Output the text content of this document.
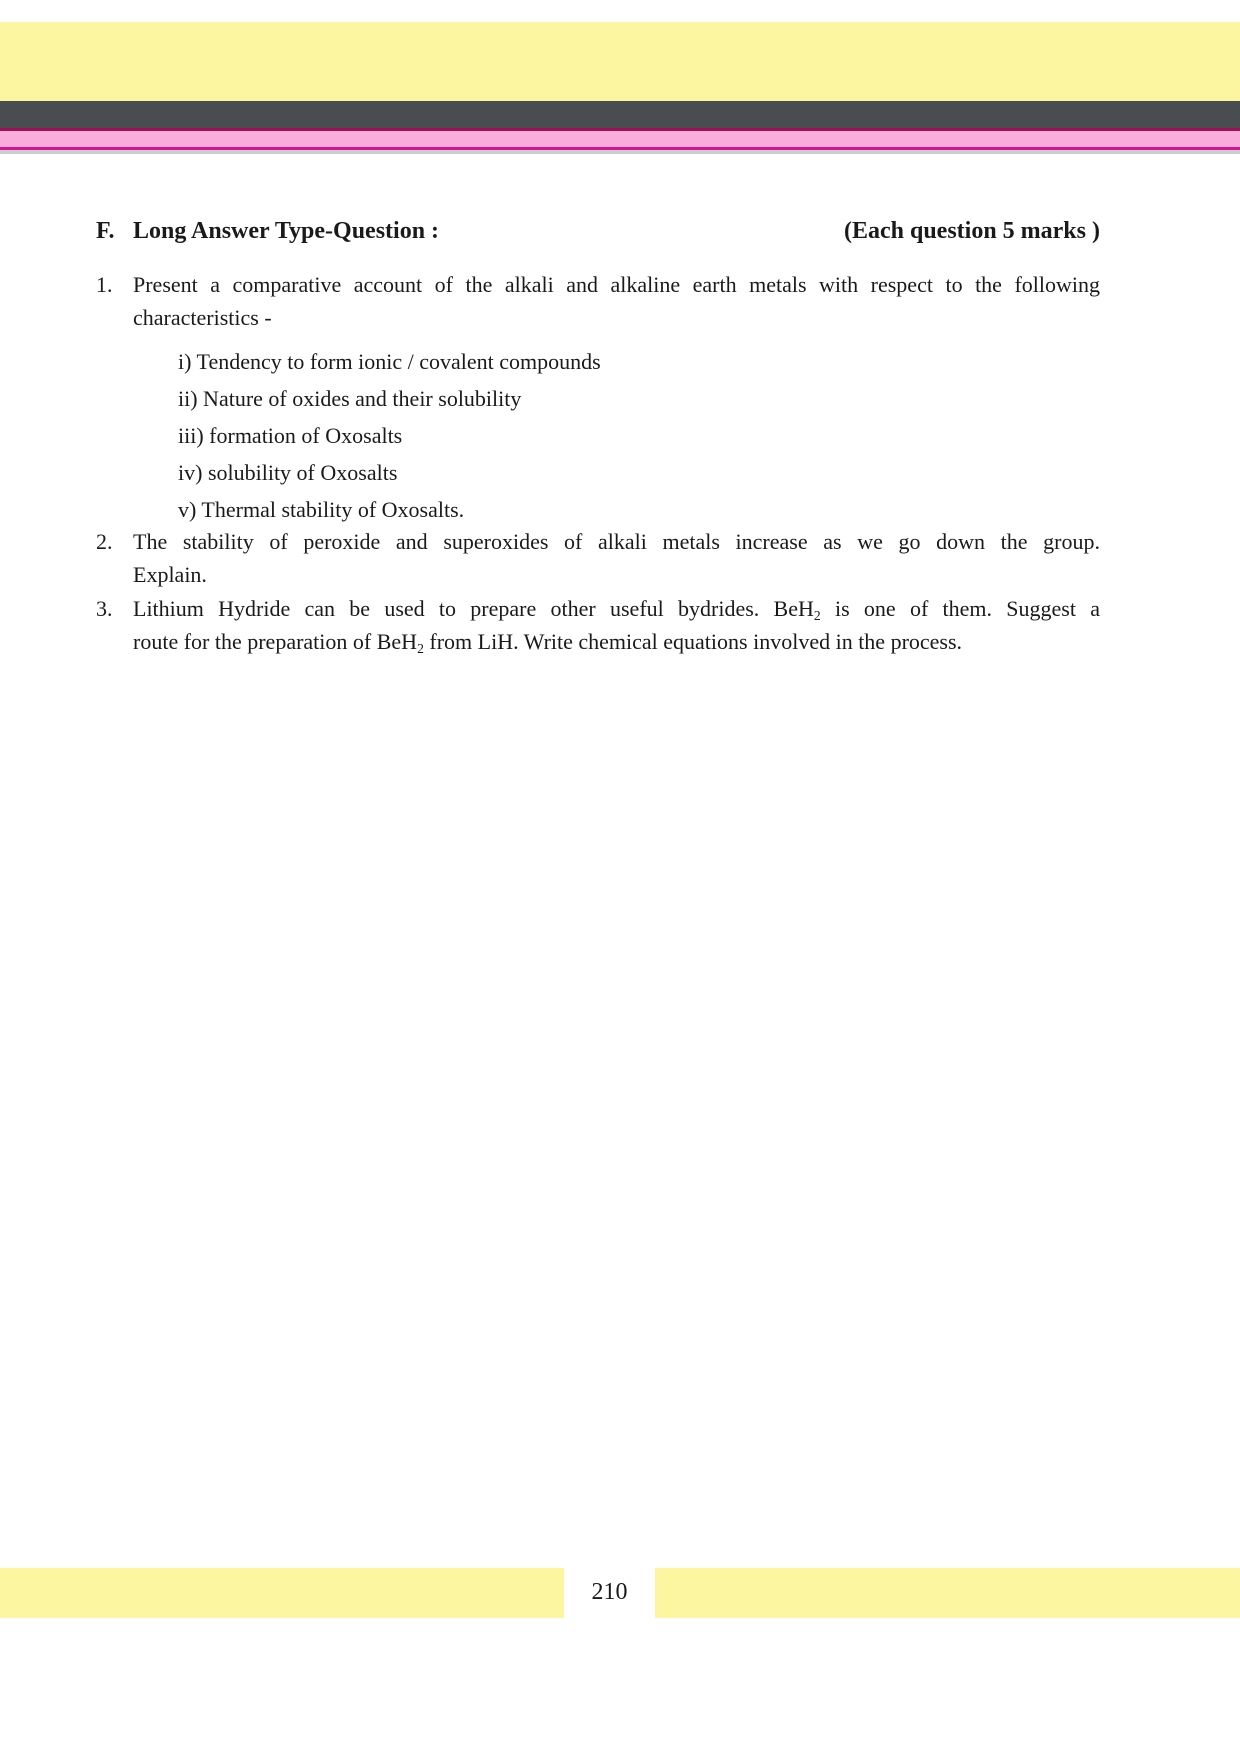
F. Long Answer Type-Question :	(Each question 5 marks )
1. Present a comparative account of the alkali and alkaline earth metals with respect to the following
characteristics -
i) Tendency to form ionic / covalent compounds
ii) Nature of oxides and their solubility
iii) formation of Oxosalts
iv) solubility of Oxosalts
v) Thermal stability of Oxosalts.
2. The stability of peroxide and superoxides of alkali metals increase as we go down the group.
Explain.
3. Lithium Hydride can be used to prepare other useful bydrides. BeH$_2$ is one of them. Suggest a
route for the preparation of BeH$_2$ from LiH. Write chemical equations involved in the process.
210
